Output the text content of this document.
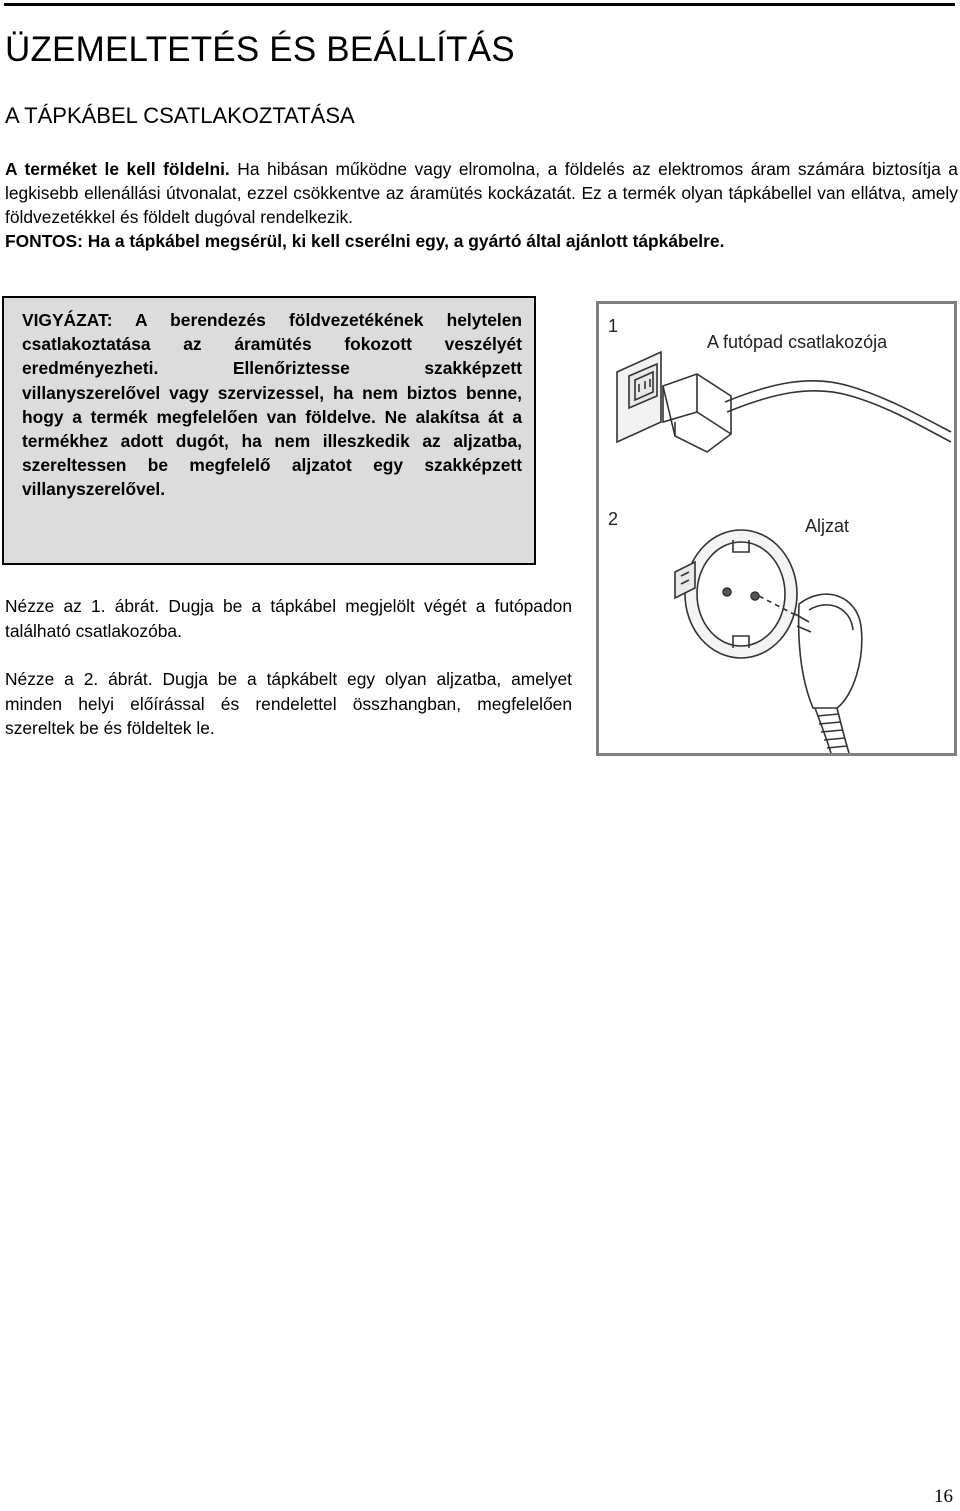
ÜZEMELTETÉS ÉS BEÁLLÍTÁS
A TÁPKÁBEL CSATLAKOZTATÁSA

A terméket le kell földelni. Ha hibásan működne vagy elromolna, a földelés az elektromos áram számára biztosítja a legkisebb ellenállási útvonalat, ezzel csökkentve az áramütés kockázatát. Ez a termék olyan tápkábellel van ellátva, amely földvezetékkel és földelt dugóval rendelkezik.

FONTOS: Ha a tápkábel megsérül, ki kell cserélni egy, a gyártó által ajánlott tápkábelre.

VIGYÁZAT: A berendezés földvezetékének helytelen csatlakoztatása az áramütés fokozott veszélyét eredményezheti. Ellenőriztesse szakképzett villanyszerelővel vagy szervizessel, ha nem biztos benne, hogy a termék megfelelően van földelve. Ne alakítsa át a termékhez adott dugót, ha nem illeszkedik az aljzatba, szereltessen be megfelelő aljzatot egy szakképzett villanyszerelővel.

1
A futópad csatlakozója
2	Aljzat

Nézze az 1. ábrát. Dugja be a tápkábel megjelölt végét a futópadon található csatlakozóba.

Nézze a 2. ábrát. Dugja be a tápkábelt egy olyan aljzatba, amelyet minden helyi előírással és rendelettel összhangban, megfelelően szereltek be és földeltek le.

16
